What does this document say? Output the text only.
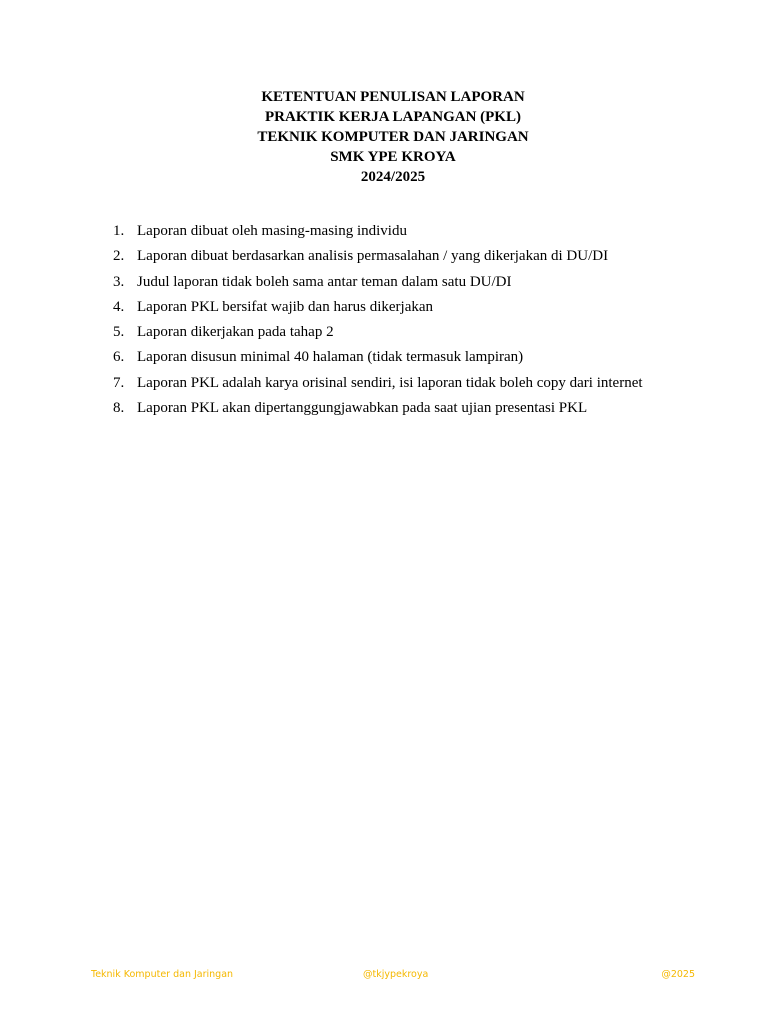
KETENTUAN PENULISAN LAPORAN
PRAKTIK KERJA LAPANGAN (PKL)
TEKNIK KOMPUTER DAN JARINGAN
SMK YPE KROYA
2024/2025
1. Laporan dibuat oleh masing-masing individu
2. Laporan dibuat berdasarkan analisis permasalahan / yang dikerjakan di DU/DI
3. Judul laporan tidak boleh sama antar teman dalam satu DU/DI
4. Laporan PKL bersifat wajib dan harus dikerjakan
5. Laporan dikerjakan pada tahap 2
6. Laporan disusun minimal 40 halaman (tidak termasuk lampiran)
7. Laporan PKL adalah karya orisinal sendiri, isi laporan tidak boleh copy dari internet
8. Laporan PKL akan dipertanggungjawabkan pada saat ujian presentasi PKL
Teknik Komputer dan Jaringan	@tkjypekroya	@2025
